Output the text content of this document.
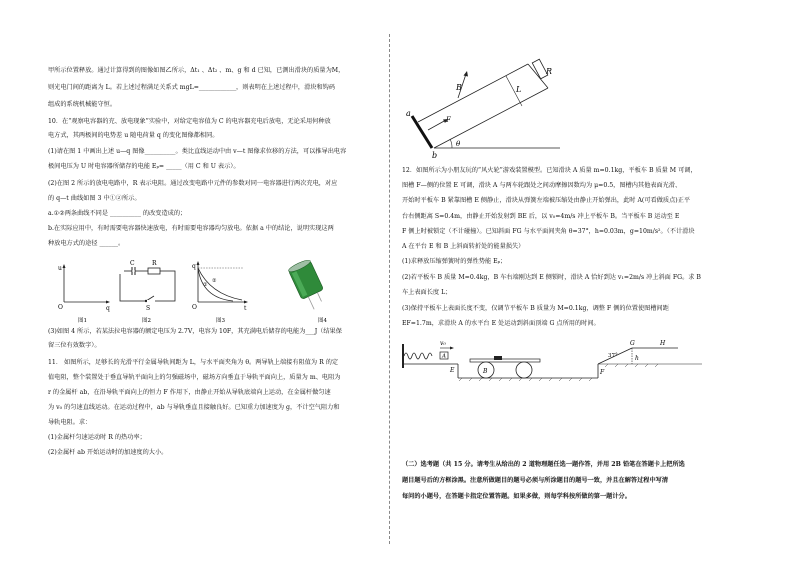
甲所示位置释放。通过计算得到的图像如图乙所示，Δt₁ 、Δt₂ 、m、g 和 d 已知，已测出滑块的质量为M，

则光电门间的距离为 L。若上述过程满足关系式 mgL=____________，则表明在上述过程中，滑块和钩码

组成的系统机械能守恒。

10．在“观察电容器的充、放电现象”实验中，对给定电容值为 C 的电容器充电后放电，无论采用何种放

电方式，其两极间的电势差 u 随电荷量 q 的变化图像都相同。

(1)请在图 1 中画出上述 u—q 图像__________。类比直线运动中由 v—t 图像求位移的方法，可以推导出电容

极间电压为 U 时电容器所储存的电能 Eₚ= _____（用 C 和 U 表示）。

(2)在图 2 所示的放电电路中，R 表示电阻。通过改变电路中元件的参数对同一电容器进行两次充电，对应

的 q—t 曲线如图 3 中①②所示。

a.①②两条曲线不同是 __________ 的改变造成的；

b.在实际应用中，有时需要电容器快速放电，有时需要电容器均匀放电。依据 a 中的结论，说明实现这两

种放电方式的途径 ______。

(3)如图 4 所示，若某法拉电容器的额定电压为 2.7V，电容为 10F，其充满电后储存的电能为___J（结果保

留三位有效数字）。

11． 如图所示，足够长的光滑平行金属导轨间距为 L，与水平面夹角为 θ。两导轨上端接有阻值为 R 的定

值电阻，整个装置处于垂直导轨平面向上的匀强磁场中，磁场方向垂直于导轨平面向上，质量为 m、电阻为

r 的金属杆 ab，在沿导轨平面向上的恒力 F 作用下，由静止开始从导轨底端向上运动，在金属杆做匀速

为 v₀ 的匀速直线运动。在运动过程中，ab 与导轨垂直且接触良好。已知重力加速度为 g，不计空气阻力和

导轨电阻。求：

(1)金属杆匀速运动时 R 的热功率；

(2)金属杆 ab 开始运动时的加速度的大小。

u
q
O
图1
C	R
S
图2
q
t
O
①
②
图3	图4
B	L
R
a
b
F
θ

12．如图所示为小朋友玩的“风火轮”游戏装置模型。已知滑块 A 质量 m=0.1kg，平板车 B 质量 M 可调，

图槽 F—侧的位置 E 可调，滑块 A 与两车轮跟处之间动摩擦因数均为 μ=0.5，图槽内其他表面光滑、

开始时平板车 B 紧靠图槽 E 侧静止，滑块从弹簧左端被压缩处由静止开始弹出，此时 A(可看做质点)正平

台右侧距离 S=0.4m，由静止开始发射到 BE 后，以 v₀=4m/s 冲上平板车 B。当平板车 B 运动至 E

F 侧上时被锁定（不计碰撞）。已知斜面 FG 与水平面间夹角 θ=37°，h=0.03m，g=10m/s²。（不计滑块

A 在平台 E 和 B 上斜面转折处的能量损失）

(1)求释放压缩弹簧时的弹性势能 Eₚ；

(2)若平板车 B 质量 M=0.4kg，B 车右端刚达到 E 侧锁时，滑块 A 恰好到达 v₁=2m/s 冲上斜面 FG。求 B

车上表面长度 L；

(3)保持平板车上表面长度不变，仅调节平板车 B 质量为 M=0.1kg，调整 F 侧的位置使图槽间距

EF=1.7m，求滑块 A 的水平台 E 处运动到斜面顶端 G 点所用的时间。

（二）选考题（共 15 分。请考生从给出的 2 道物理题任选一题作答，并用 2B 铅笔在答题卡上把所选

题目题号后的方框涂黑。注意所做题目的题号必须与所涂题目的题号一致，并且在解答过程中写清

每问的小题号，在答题卡指定位置答题。如果多做，则每学科按所做的第一题计分。

v₀
A
E	B	F
G	H
h
37°
